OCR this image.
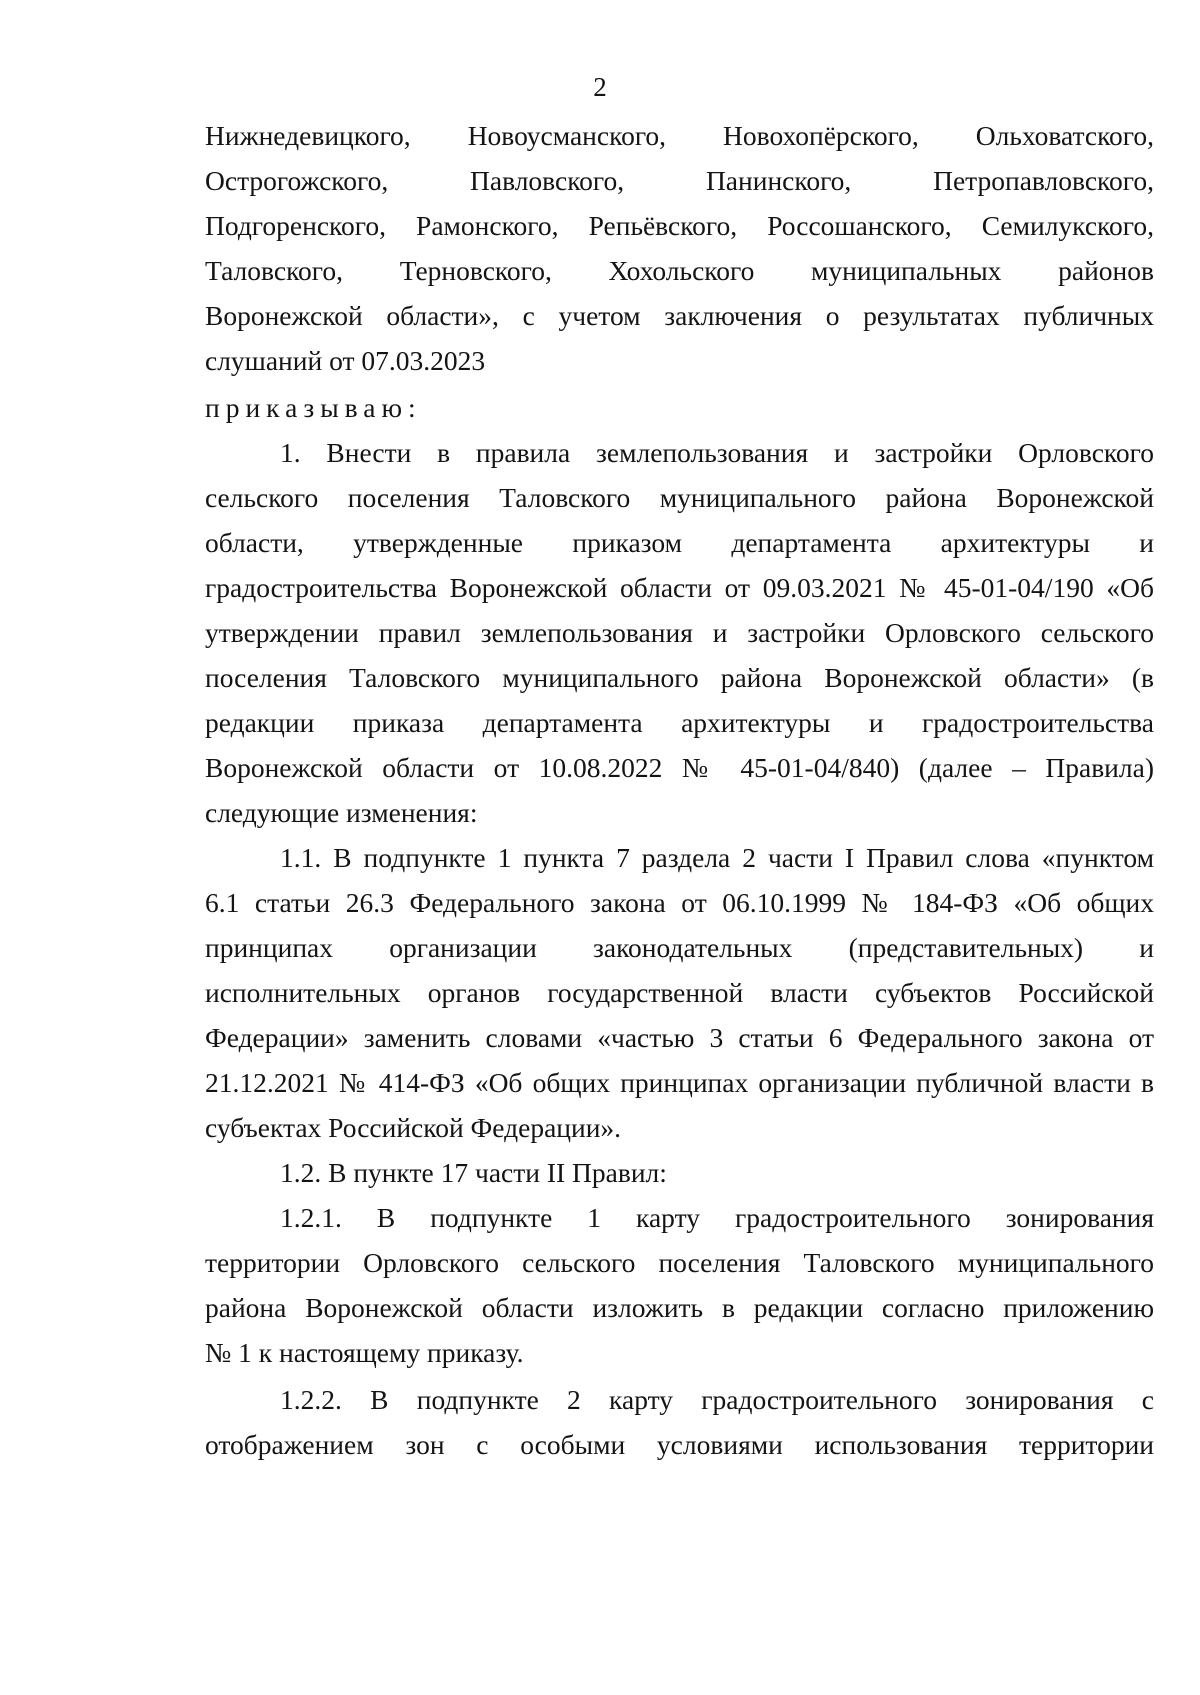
2
Нижнедевицкого, Новоусманского, Новохопёрского, Ольховатского,
Острогожского, Павловского, Панинского, Петропавловского,
Подгоренского, Рамонского, Репьёвского, Россошанского, Семилукского,
Таловского, Терновского, Хохольского муниципальных районов
Воронежской области», с учетом заключения о результатах публичных
слушаний от 07.03.2023
приказываю:
1. Внести в правила землепользования и застройки Орловского
сельского поселения Таловского муниципального района Воронежской
области, утвержденные приказом департамента архитектуры и
градостроительства Воронежской области от 09.03.2021 № 45-01-04/190 «Об
утверждении правил землепользования и застройки Орловского сельского
поселения Таловского муниципального района Воронежской области» (в
редакции приказа департамента архитектуры и градостроительства
Воронежской области от 10.08.2022 № 45-01-04/840) (далее – Правила)
следующие изменения:
1.1. В подпункте 1 пункта 7 раздела 2 части I Правил слова «пунктом
6.1 статьи 26.3 Федерального закона от 06.10.1999 № 184-ФЗ «Об общих
принципах организации законодательных (представительных) и
исполнительных органов государственной власти субъектов Российской
Федерации» заменить словами «частью 3 статьи 6 Федерального закона от
21.12.2021 № 414-ФЗ «Об общих принципах организации публичной власти в
субъектах Российской Федерации».
1.2. В пункте 17 части II Правил:
1.2.1. В подпункте 1 карту градостроительного зонирования
территории Орловского сельского поселения Таловского муниципального
района Воронежской области изложить в редакции согласно приложению
№ 1 к настоящему приказу.
1.2.2. В подпункте 2 карту градостроительного зонирования с
отображением зон с особыми условиями использования территории
